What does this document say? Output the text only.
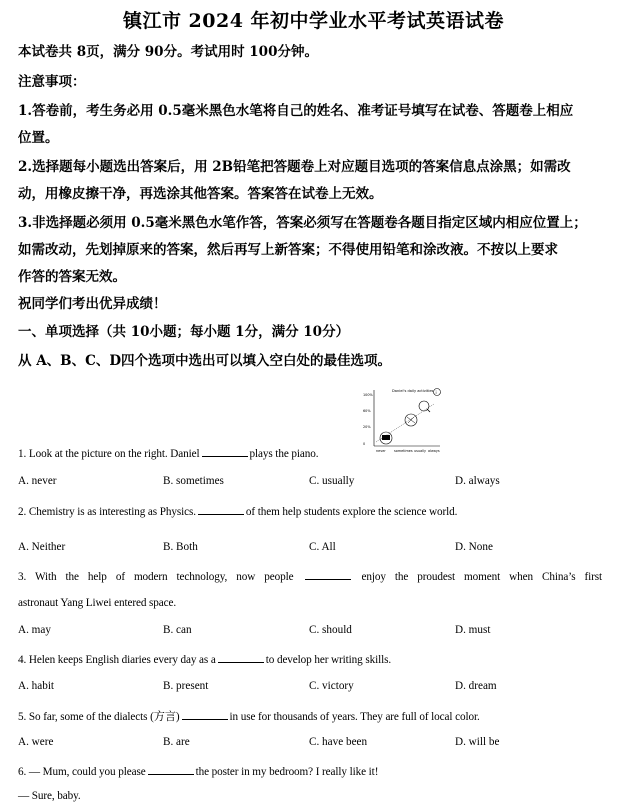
镇江市 2024 年初中学业水平考试英语试卷
本试卷共 8页，满分 90分。考试用时 100分钟。
注意事项：
1.答卷前，考生务必用 0.5毫米黑色水笔将自己的姓名、准考证号填写在试卷、答题卷上相应
位置。
2.选择题每小题选出答案后，用 2B铅笔把答题卷上对应题目选项的答案信息点涂黑；如需改
动，用橡皮擦干净，再选涂其他答案。答案答在试卷上无效。
3.非选择题必须用 0.5毫米黑色水笔作答，答案必须写在答题卷各题目指定区域内相应位置上；
如需改动，先划掉原来的答案，然后再写上新答案；不得使用铅笔和涂改液。不按以上要求
作答的答案无效。
祝同学们考出优异成绩！
一、单项选择（共 10小题；每小题 1分，满分 10分）
从 A、B、C、D四个选项中选出可以填入空白处的最佳选项。
Daniel's daily activities i
100%
60%
20%
0
never sometimes usually always
1. Look at the picture on the right. Daniel	plays the piano.
A. never	B. sometimes	C. usually	D. always
2. Chemistry is as interesting as Physics.	of them help students explore the science world.
A. Neither	B. Both	C. All	D. None
3. With the help of modern technology, now people	enjoy the proudest moment when China’s first
astronaut Yang Liwei entered space.
A. may	B. can	C. should	D. must
4. Helen keeps English diaries every day as a	to develop her writing skills.
A. habit	B. present	C. victory	D. dream
5. So far, some of the dialects (方言)	in use for thousands of years. They are full of local color.
A. were	B. are	C. have been	D. will be
6. — Mum, could you please	the poster in my bedroom? I really like it!
— Sure, baby.
